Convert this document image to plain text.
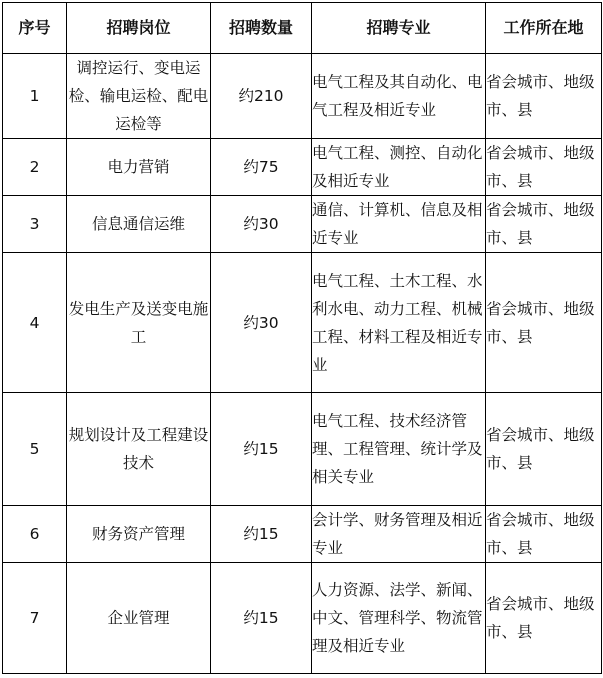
序号	招聘岗位	招聘数量	招聘专业	工作所在地
1	调控运行、变电运检、输电运检、配电运检等	约210	电气工程及其自动化、电气工程及相近专业	省会城市、地级市、县

2	电力营销	约75	电气工程、测控、自动化及相近专业	省会城市、地级市、县

3	信息通信运维	约30	通信、计算机、信息及相近专业	省会城市、地级市、县

4	发电生产及送变电施工	约30	电气工程、土木工程、水利水电、动力工程、机械工程、材料工程及相近专业	省会城市、地级市、县

5	规划设计及工程建设技术	约15	电气工程、技术经济管理、工程管理、统计学及相关专业	省会城市、地级市、县

6	财务资产管理	约15	会计学、财务管理及相近专业	省会城市、地级市、县

7	企业管理	约15	人力资源、法学、新闻、中文、管理科学、物流管理及相近专业	省会城市、地级市、县
